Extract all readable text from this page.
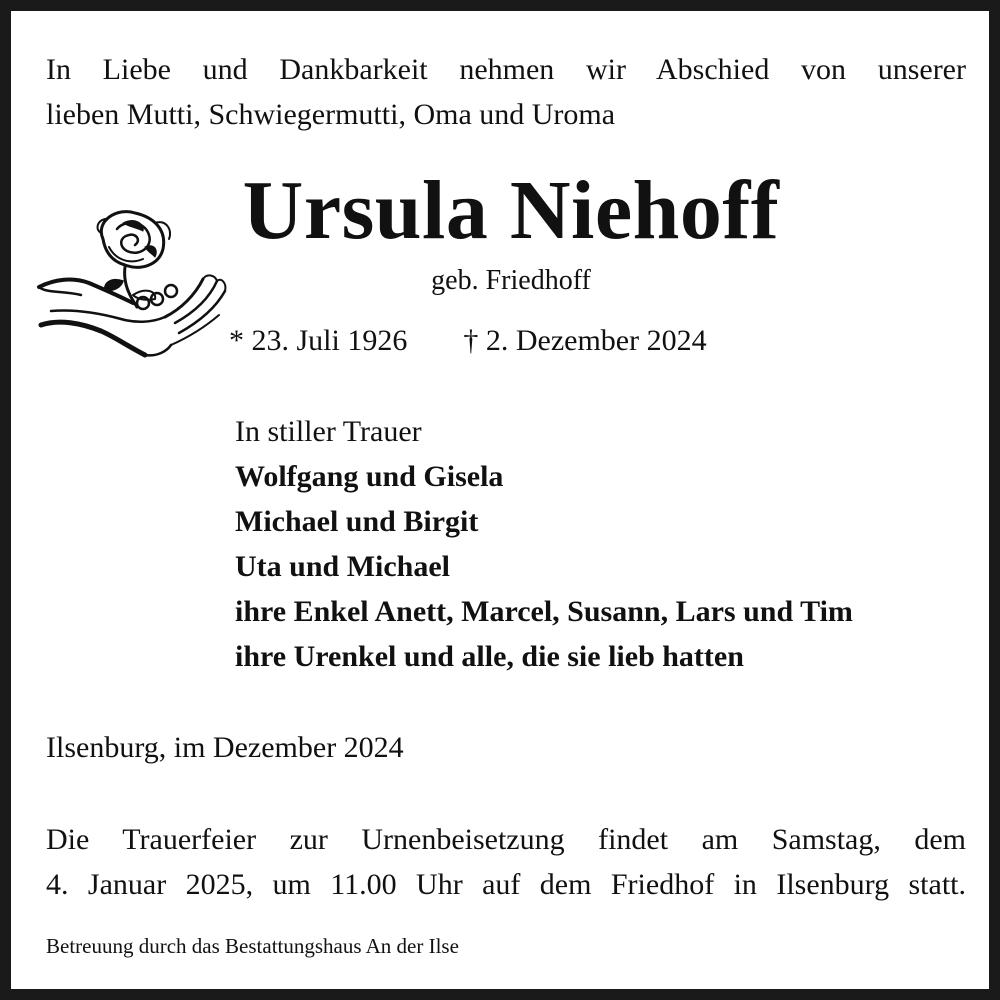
In Liebe und Dankbarkeit nehmen wir Abschied von unserer
lieben Mutti, Schwiegermutti, Oma und Uroma
Ursula Niehoff
geb. Friedhoff
* 23. Juli 1926 † 2. Dezember 2024
In stiller Trauer
Wolfgang und Gisela
Michael und Birgit
Uta und Michael
ihre Enkel Anett, Marcel, Susann, Lars und Tim
ihre Urenkel und alle, die sie lieb hatten
Ilsenburg, im Dezember 2024
Die Trauerfeier zur Urnenbeisetzung findet am Samstag, dem
4. Januar 2025, um 11.00 Uhr auf dem Friedhof in Ilsenburg statt.
Betreuung durch das Bestattungshaus An der Ilse
